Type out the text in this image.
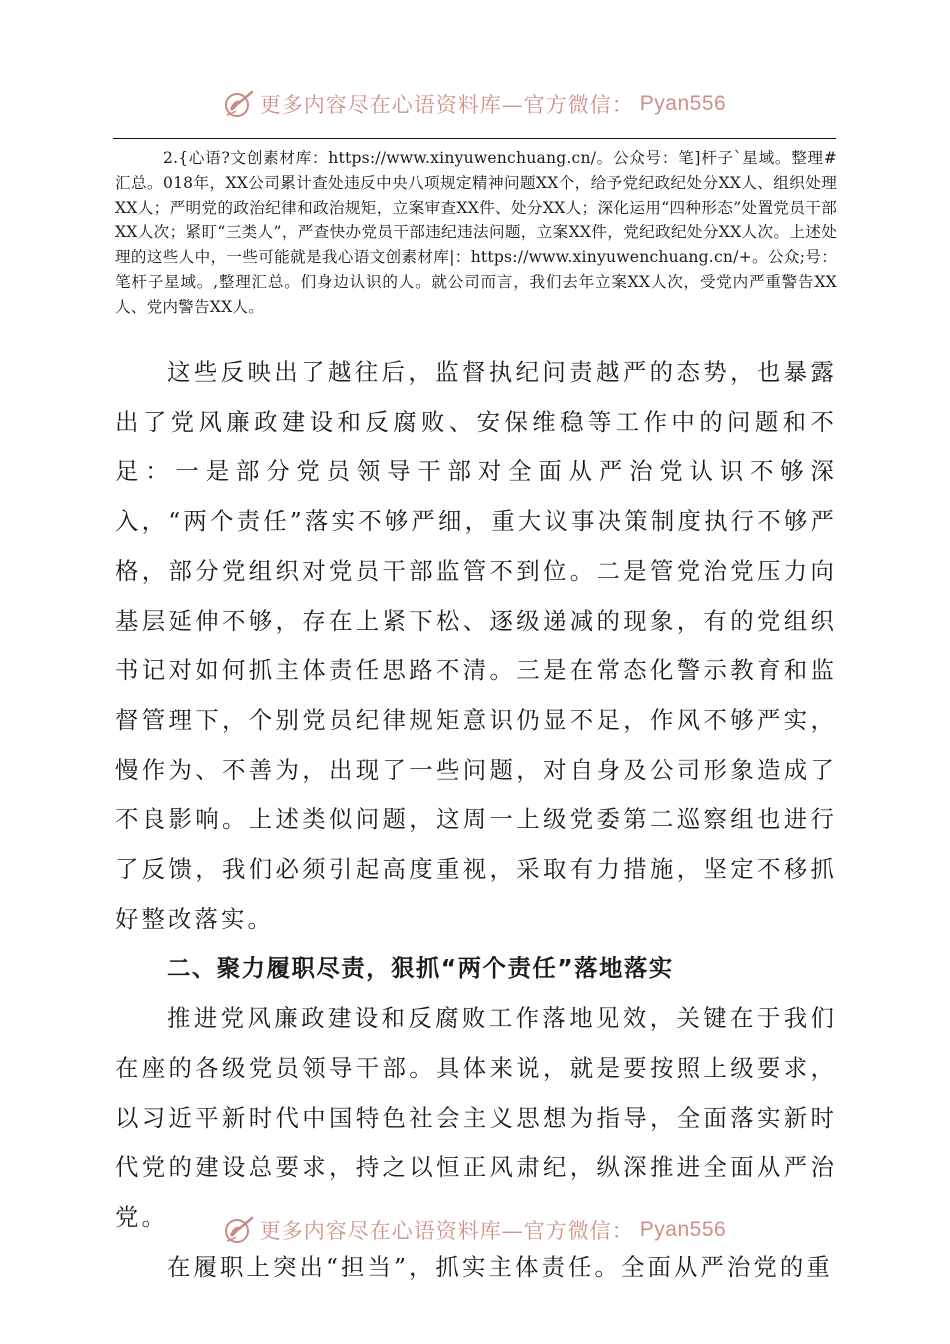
更多内容尽在心语资料库—官方微信： Pyan556

2.{心语?文创素材库：https://www.xinyuwenchuang.cn/。公众号：笔]杆子`星域。整理#汇总。018年，XX公司累计查处违反中央八项规定精神问题XX个，给予党纪政纪处分XX人、组织处理XX人；严明党的政治纪律和政治规矩，立案审查XX件、处分XX人；深化运用“四种形态”处置党员干部XX人次；紧盯“三类人”，严查快办党员干部违纪违法问题，立案XX件，党纪政纪处分XX人次。上述处理的这些人中，一些可能就是我心语文创素材库|：https://www.xinyuwenchuang.cn/+。公众;号：笔杆子星域。,整理汇总。们身边认识的人。就公司而言，我们去年立案XX人次，受党内严重警告XX人、党内警告XX人。

这些反映出了越往后，监督执纪问责越严的态势，也暴露出了党风廉政建设和反腐败、安保维稳等工作中的问题和不足：一是部分党员领导干部对全面从严治党认识不够深入，“两个责任”落实不够严细，重大议事决策制度执行不够严格，部分党组织对党员干部监管不到位。二是管党治党压力向基层延伸不够，存在上紧下松、逐级递减的现象，有的党组织书记对如何抓主体责任思路不清。三是在常态化警示教育和监督管理下，个别党员纪律规矩意识仍显不足，作风不够严实，慢作为、不善为，出现了一些问题，对自身及公司形象造成了不良影响。上述类似问题，这周一上级党委第二巡察组也进行了反馈，我们必须引起高度重视，采取有力措施，坚定不移抓好整改落实。

二、聚力履职尽责，狠抓“两个责任”落地落实

推进党风廉政建设和反腐败工作落地见效，关键在于我们在座的各级党员领导干部。具体来说，就是要按照上级要求，以习近平新时代中国特色社会主义思想为指导，全面落实新时代党的建设总要求，持之以恒正风肃纪，纵深推进全面从严治党。

在履职上突出“担当”，抓实主体责任。全面从严治党的重

更多内容尽在心语资料库—官方微信： Pyan556
